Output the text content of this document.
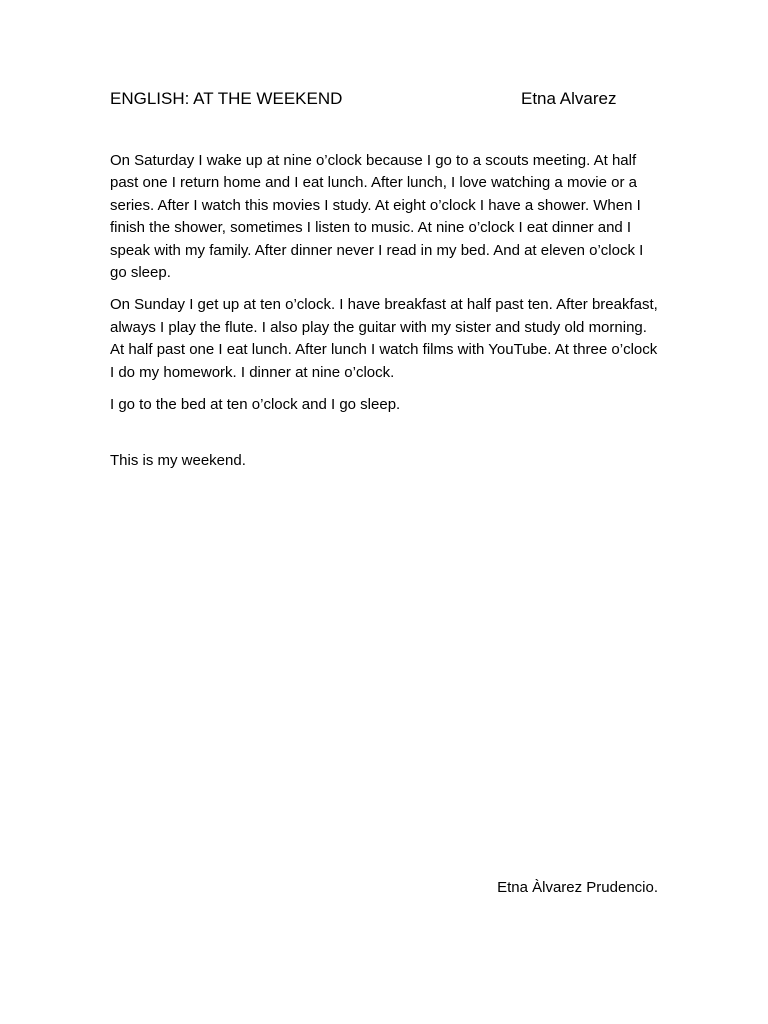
ENGLISH: AT THE WEEKEND	Etna Alvarez

On Saturday I wake up at nine o’clock because I go to a scouts meeting. At half past one I return home and I eat lunch. After lunch, I love watching a movie or a series. After I watch this movies I study. At eight o’clock I have a shower. When I finish the shower, sometimes I listen to music. At nine o’clock I eat dinner and I speak with my family. After dinner never I read in my bed. And at eleven o’clock I go sleep.

On Sunday I get up at ten o’clock. I have breakfast at half past ten. After breakfast, always I play the flute. I also play the guitar with my sister and study old morning. At half past one I eat lunch. After lunch I watch films with YouTube. At three o’clock I do my homework. I dinner at nine o’clock.

I go to the bed at ten o’clock and I go sleep.

This is my weekend.

Etna Àlvarez Prudencio.
